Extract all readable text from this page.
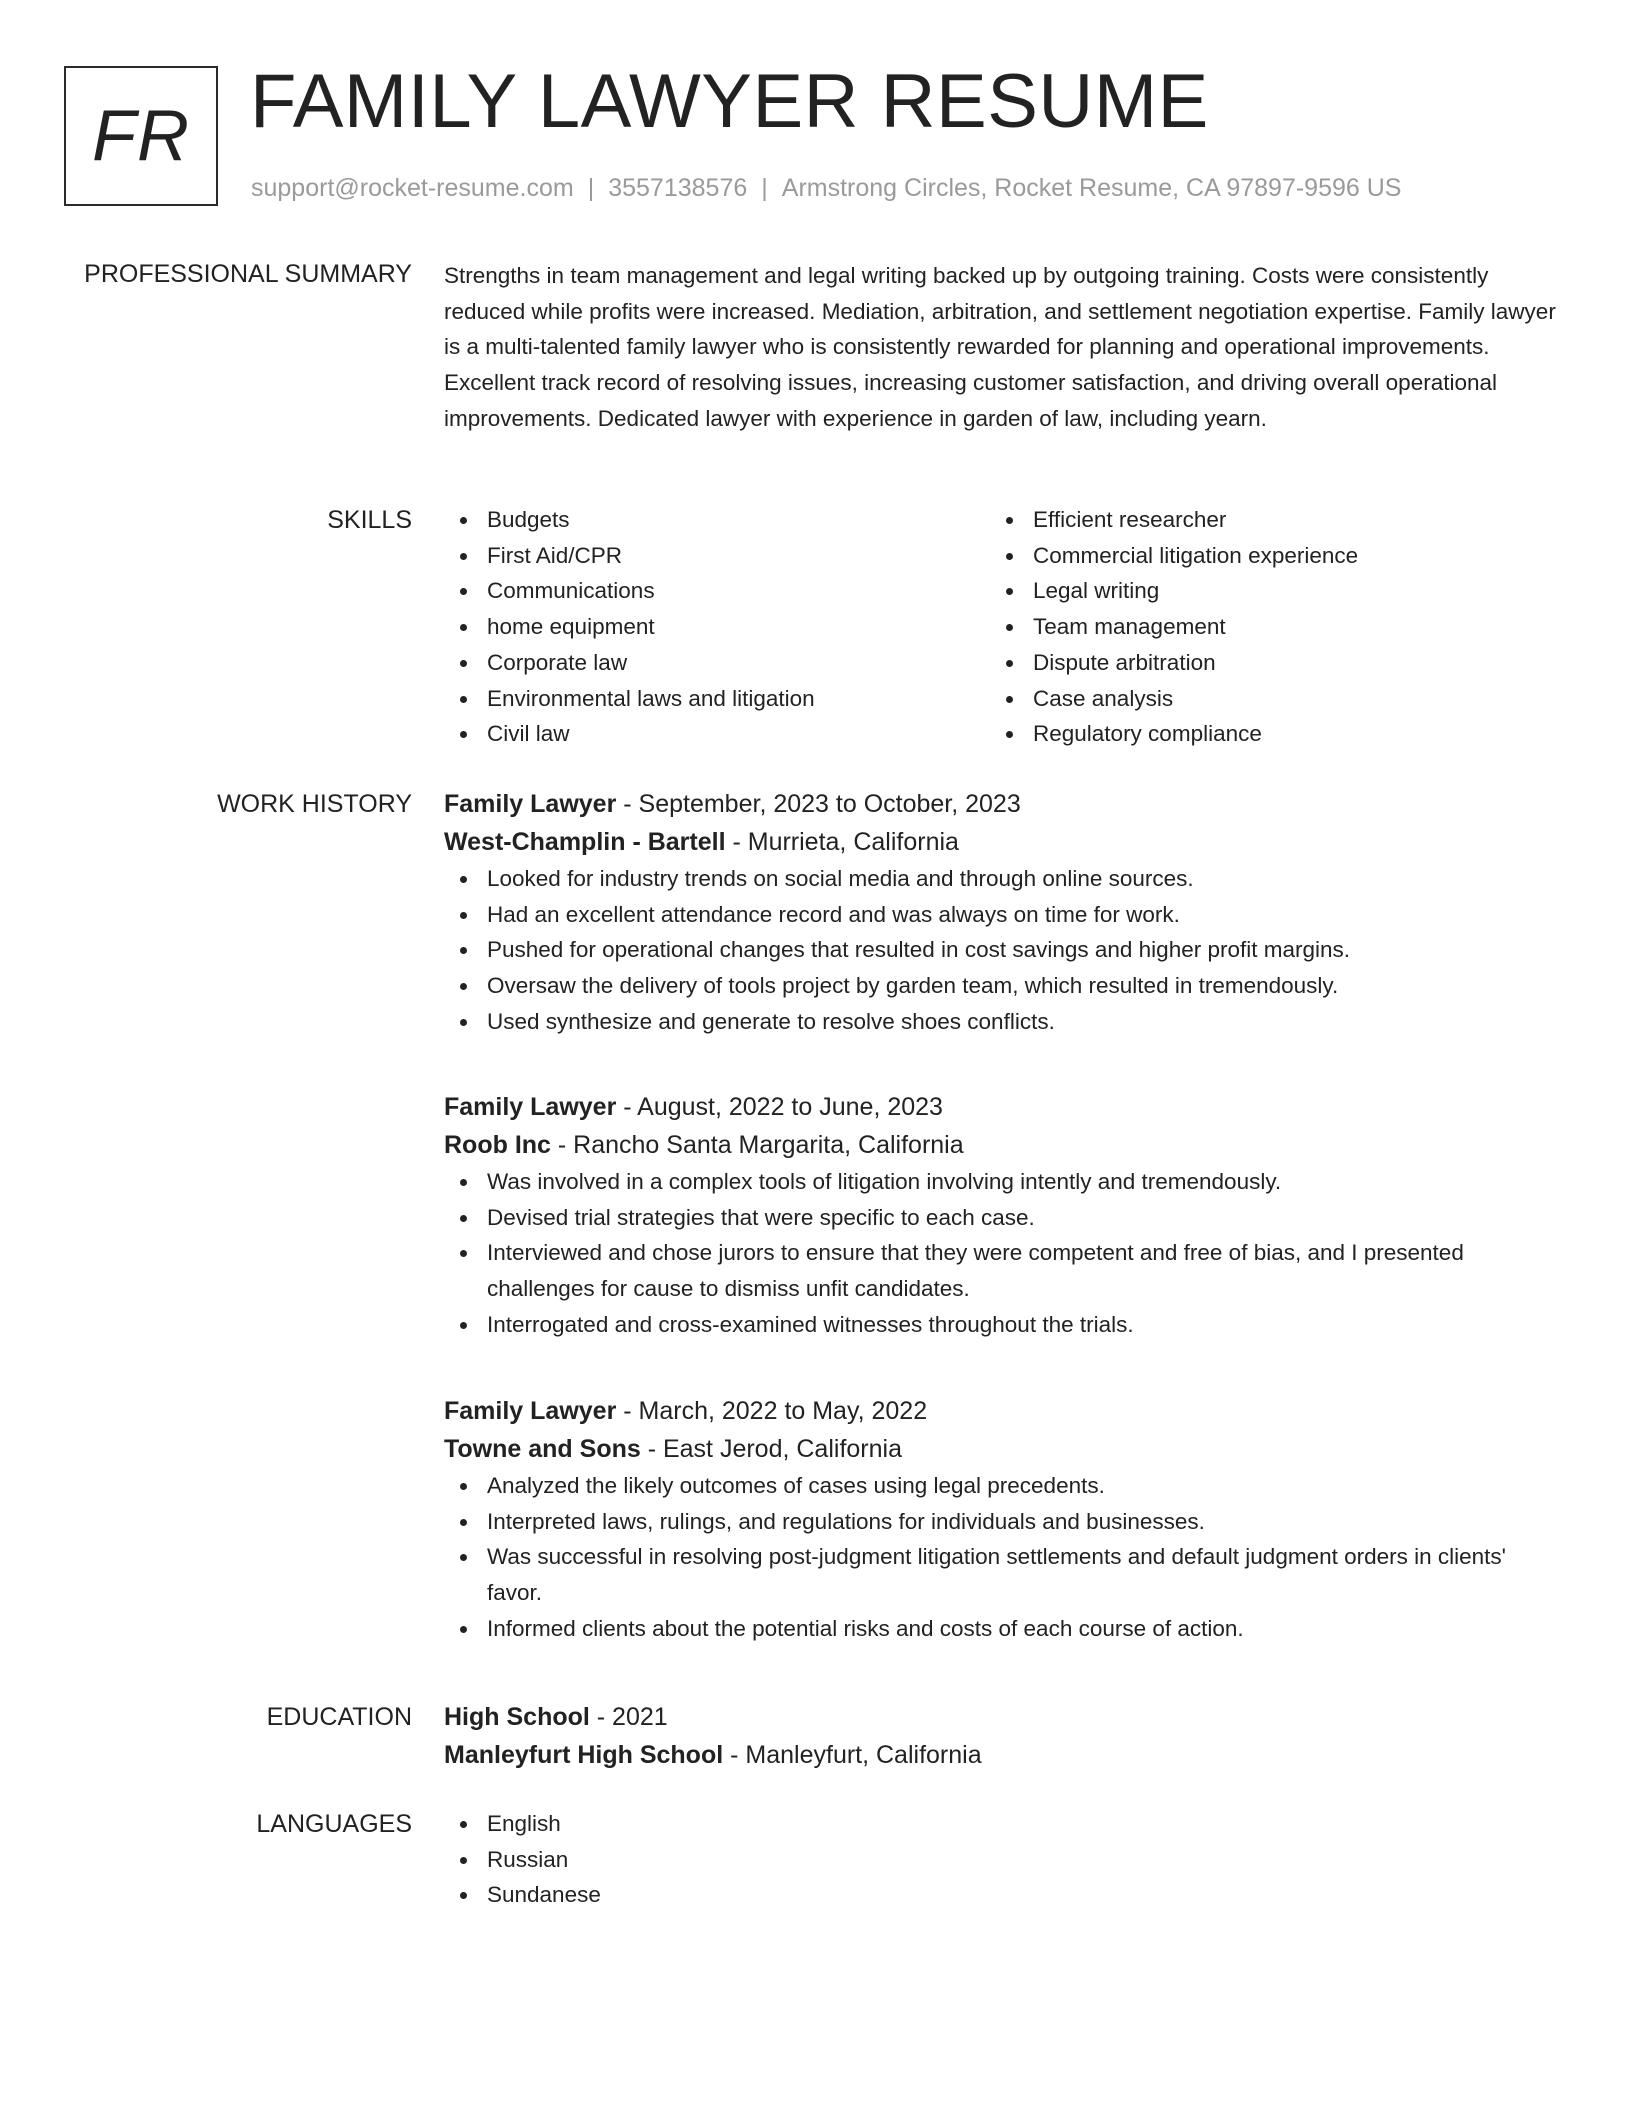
FR FAMILY LAWYER RESUME
support@rocket-resume.com | 3557138576 | Armstrong Circles, Rocket Resume, CA 97897-9596 US
PROFESSIONAL SUMMARY Strengths in team management and legal writing backed up by outgoing training. Costs were consistently reduced while profits were increased. Mediation, arbitration, and settlement negotiation expertise. Family lawyer is a multi-talented family lawyer who is consistently rewarded for planning and operational improvements. Excellent track record of resolving issues, increasing customer satisfaction, and driving overall operational improvements. Dedicated lawyer with experience in garden of law, including yearn.

SKILLS	Budgets
First Aid/CPR
Communications
home equipment
Corporate law
Environmental laws and litigation
Civil law
Efficient researcher
Commercial litigation experience
Legal writing
Team management
Dispute arbitration
Case analysis
Regulatory compliance
WORK HISTORY Family Lawyer - September, 2023 to October, 2023
West-Champlin - Bartell - Murrieta, California
Looked for industry trends on social media and through online sources.
Had an excellent attendance record and was always on time for work.
Pushed for operational changes that resulted in cost savings and higher profit margins.
Oversaw the delivery of tools project by garden team, which resulted in tremendously.
Used synthesize and generate to resolve shoes conflicts.
Family Lawyer - August, 2022 to June, 2023
Roob Inc - Rancho Santa Margarita, California
Was involved in a complex tools of litigation involving intently and tremendously.
Devised trial strategies that were specific to each case.
Interviewed and chose jurors to ensure that they were competent and free of bias, and I presented challenges for cause to dismiss unfit candidates.
Interrogated and cross-examined witnesses throughout the trials.
Family Lawyer - March, 2022 to May, 2022
Towne and Sons - East Jerod, California
Analyzed the likely outcomes of cases using legal precedents.
Interpreted laws, rulings, and regulations for individuals and businesses.
Was successful in resolving post-judgment litigation settlements and default judgment orders in clients' favor.
Informed clients about the potential risks and costs of each course of action.
EDUCATION High School - 2021
Manleyfurt High School - Manleyfurt, California
LANGUAGES	English
Russian
Sundanese
